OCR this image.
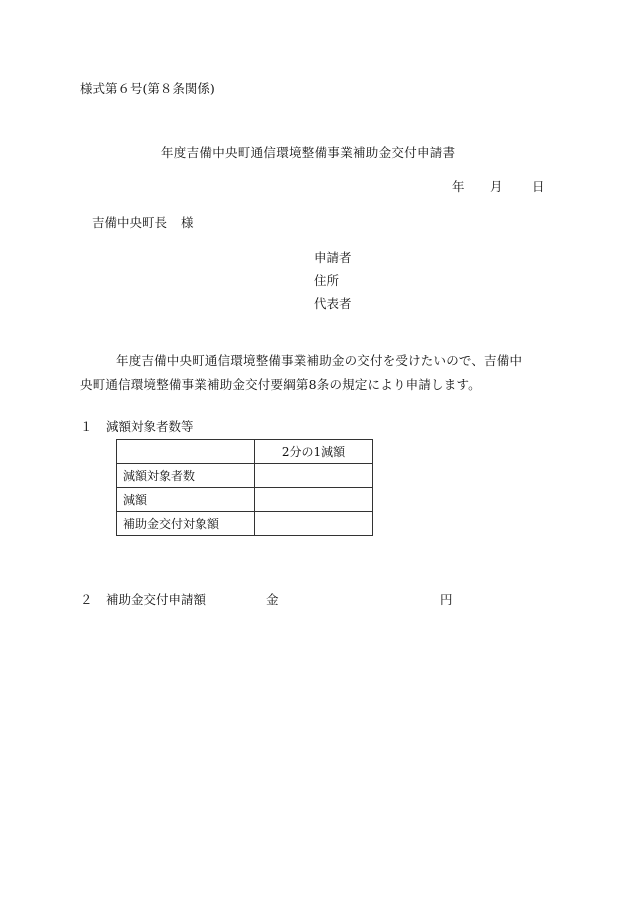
様式第６号(第８条関係)
年度吉備中央町通信環境整備事業補助金交付申請書
年 月 日
吉備中央町長 様
申請者
住所
代表者
年度吉備中央町通信環境整備事業補助金の交付を受けたいので、吉備中
央町通信環境整備事業補助金交付要綱第8条の規定により申請します。
１ 減額対象者数等
	2分の1減額
減額対象者数	
減額	
補助金交付対象額	
２ 補助金交付申請額	金	円
